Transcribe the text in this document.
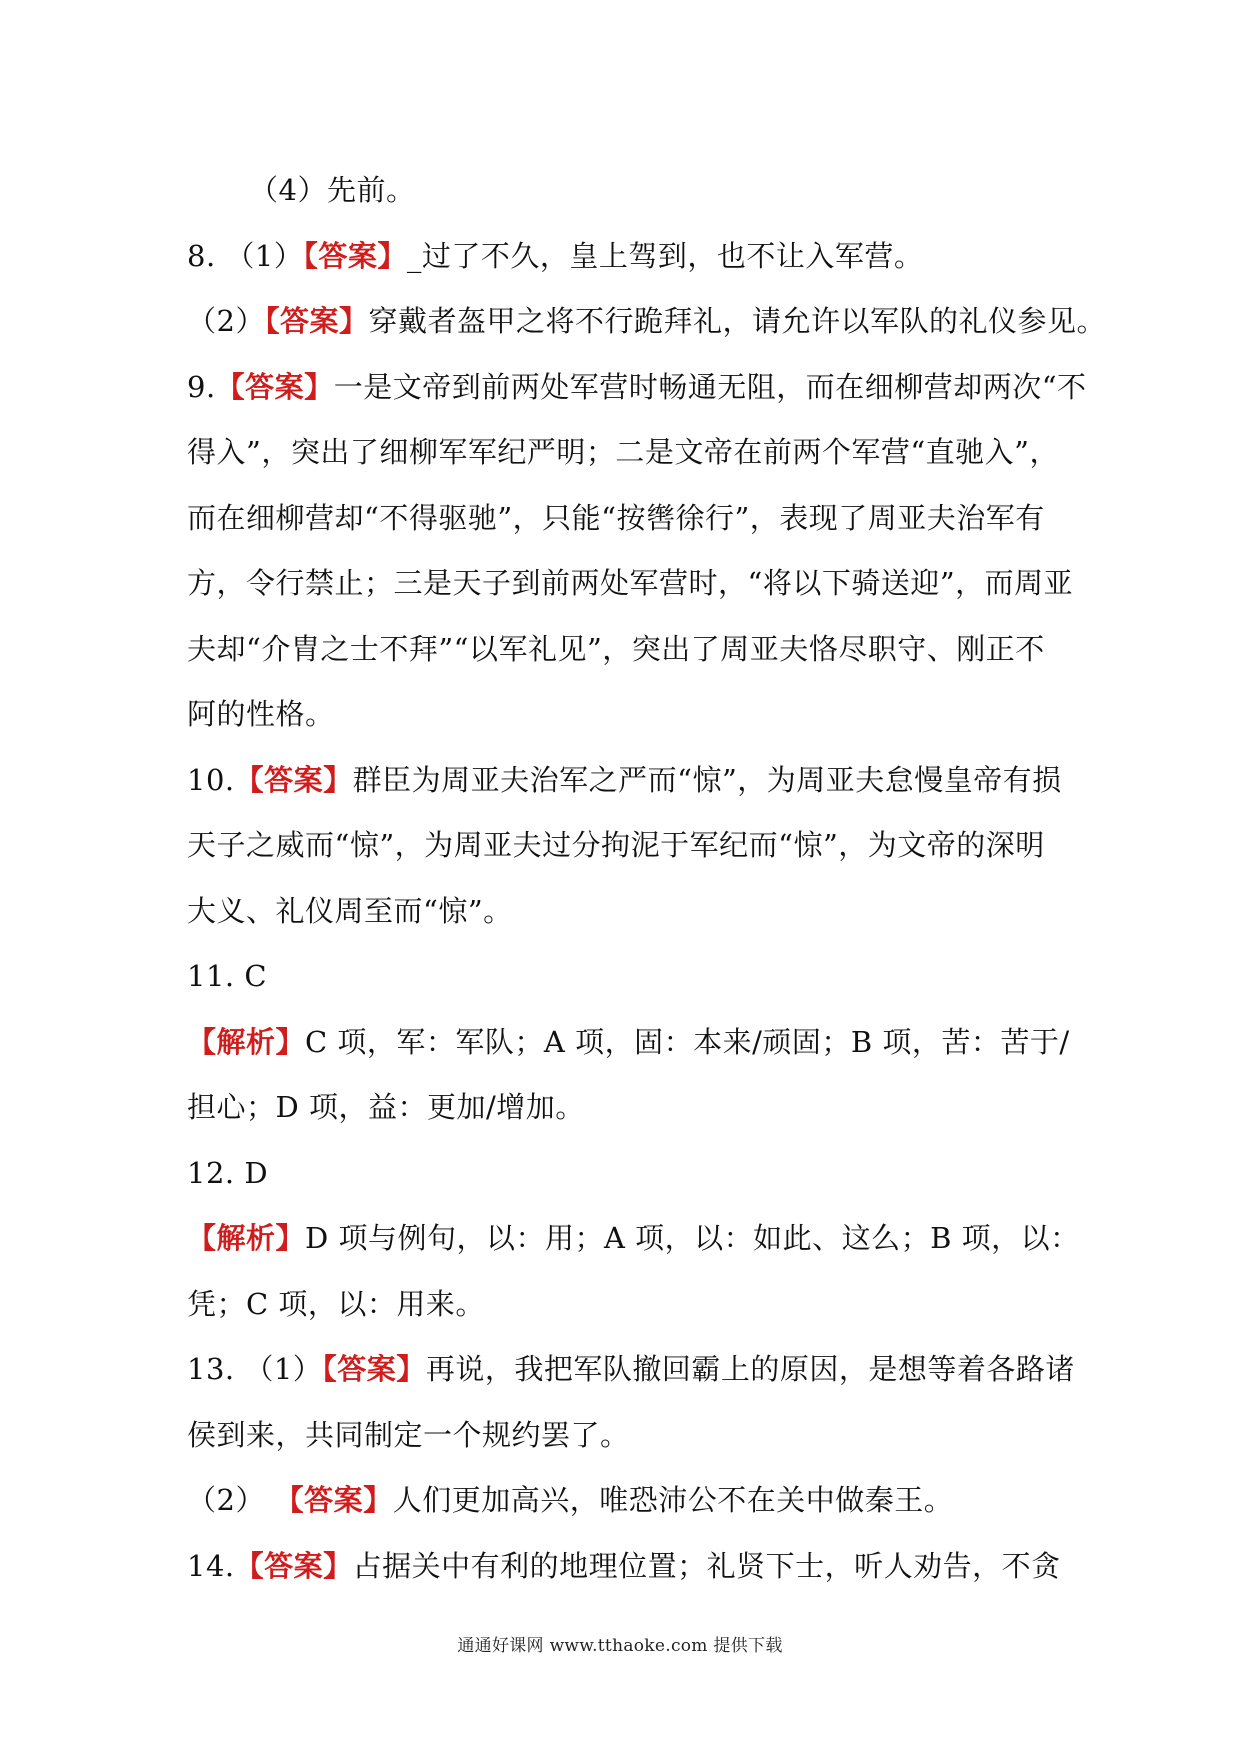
（4）先前。
8. （1）【答案】_过了不久，皇上驾到，也不让入军营。
（2）【答案】穿戴者盔甲之将不行跪拜礼，请允许以军队的礼仪参见。
9.【答案】一是文帝到前两处军营时畅通无阻，而在细柳营却两次“不
得入”，突出了细柳军军纪严明；二是文帝在前两个军营“直驰入”，
而在细柳营却“不得驱驰”，只能“按辔徐行”，表现了周亚夫治军有
方，令行禁止；三是天子到前两处军营时，“将以下骑送迎”，而周亚
夫却“介胄之士不拜”“以军礼见”，突出了周亚夫恪尽职守、刚正不
阿的性格。
10.【答案】群臣为周亚夫治军之严而“惊”，为周亚夫怠慢皇帝有损
天子之威而“惊”，为周亚夫过分拘泥于军纪而“惊”，为文帝的深明
大义、礼仪周至而“惊”。
11. C
【解析】C 项，军：军队；A 项，固：本来/顽固；B 项，苦：苦于/
担心；D 项，益：更加/增加。
12. D
【解析】D 项与例句，以：用；A 项，以：如此、这么；B 项，以：
凭；C 项，以：用来。
13. （1）【答案】再说，我把军队撤回霸上的原因，是想等着各路诸
侯到来，共同制定一个规约罢了。
（2） 【答案】人们更加高兴，唯恐沛公不在关中做秦王。
14.【答案】占据关中有利的地理位置；礼贤下士，听人劝告，不贪
通通好课网 www.tthaoke.com 提供下载
